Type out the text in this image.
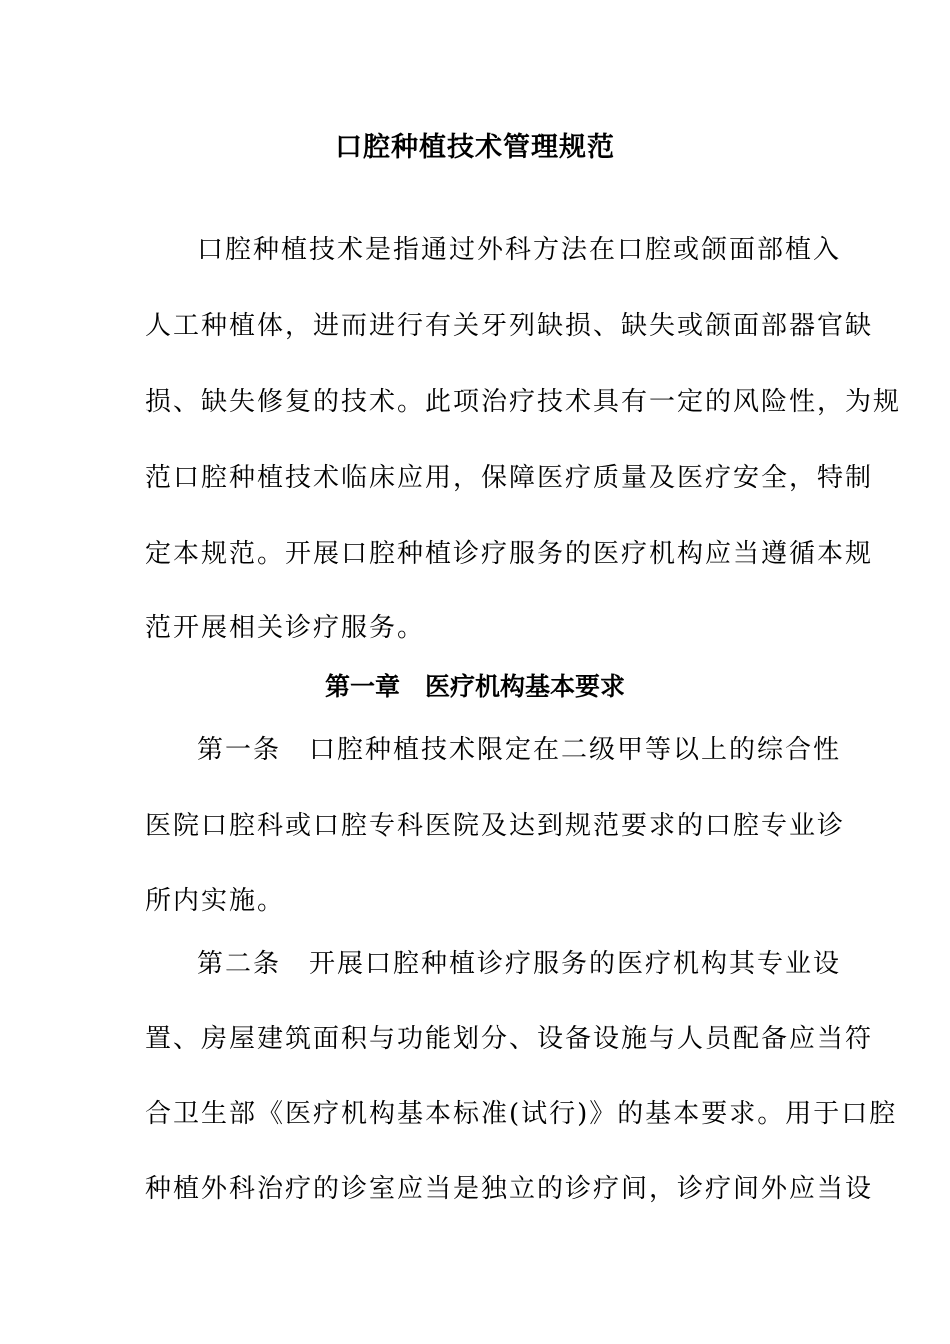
口腔种植技术管理规范
口腔种植技术是指通过外科方法在口腔或颌面部植入
人工种植体，进而进行有关牙列缺损、缺失或颌面部器官缺
损、缺失修复的技术。此项治疗技术具有一定的风险性，为规
范口腔种植技术临床应用，保障医疗质量及医疗安全，特制
定本规范。开展口腔种植诊疗服务的医疗机构应当遵循本规
范开展相关诊疗服务。
第一章　医疗机构基本要求
第一条　口腔种植技术限定在二级甲等以上的综合性
医院口腔科或口腔专科医院及达到规范要求的口腔专业诊
所内实施。
第二条　开展口腔种植诊疗服务的医疗机构其专业设
置、房屋建筑面积与功能划分、设备设施与人员配备应当符
合卫生部《医疗机构基本标准(试行)》的基本要求。用于口腔
种植外科治疗的诊室应当是独立的诊疗间，诊疗间外应当设
